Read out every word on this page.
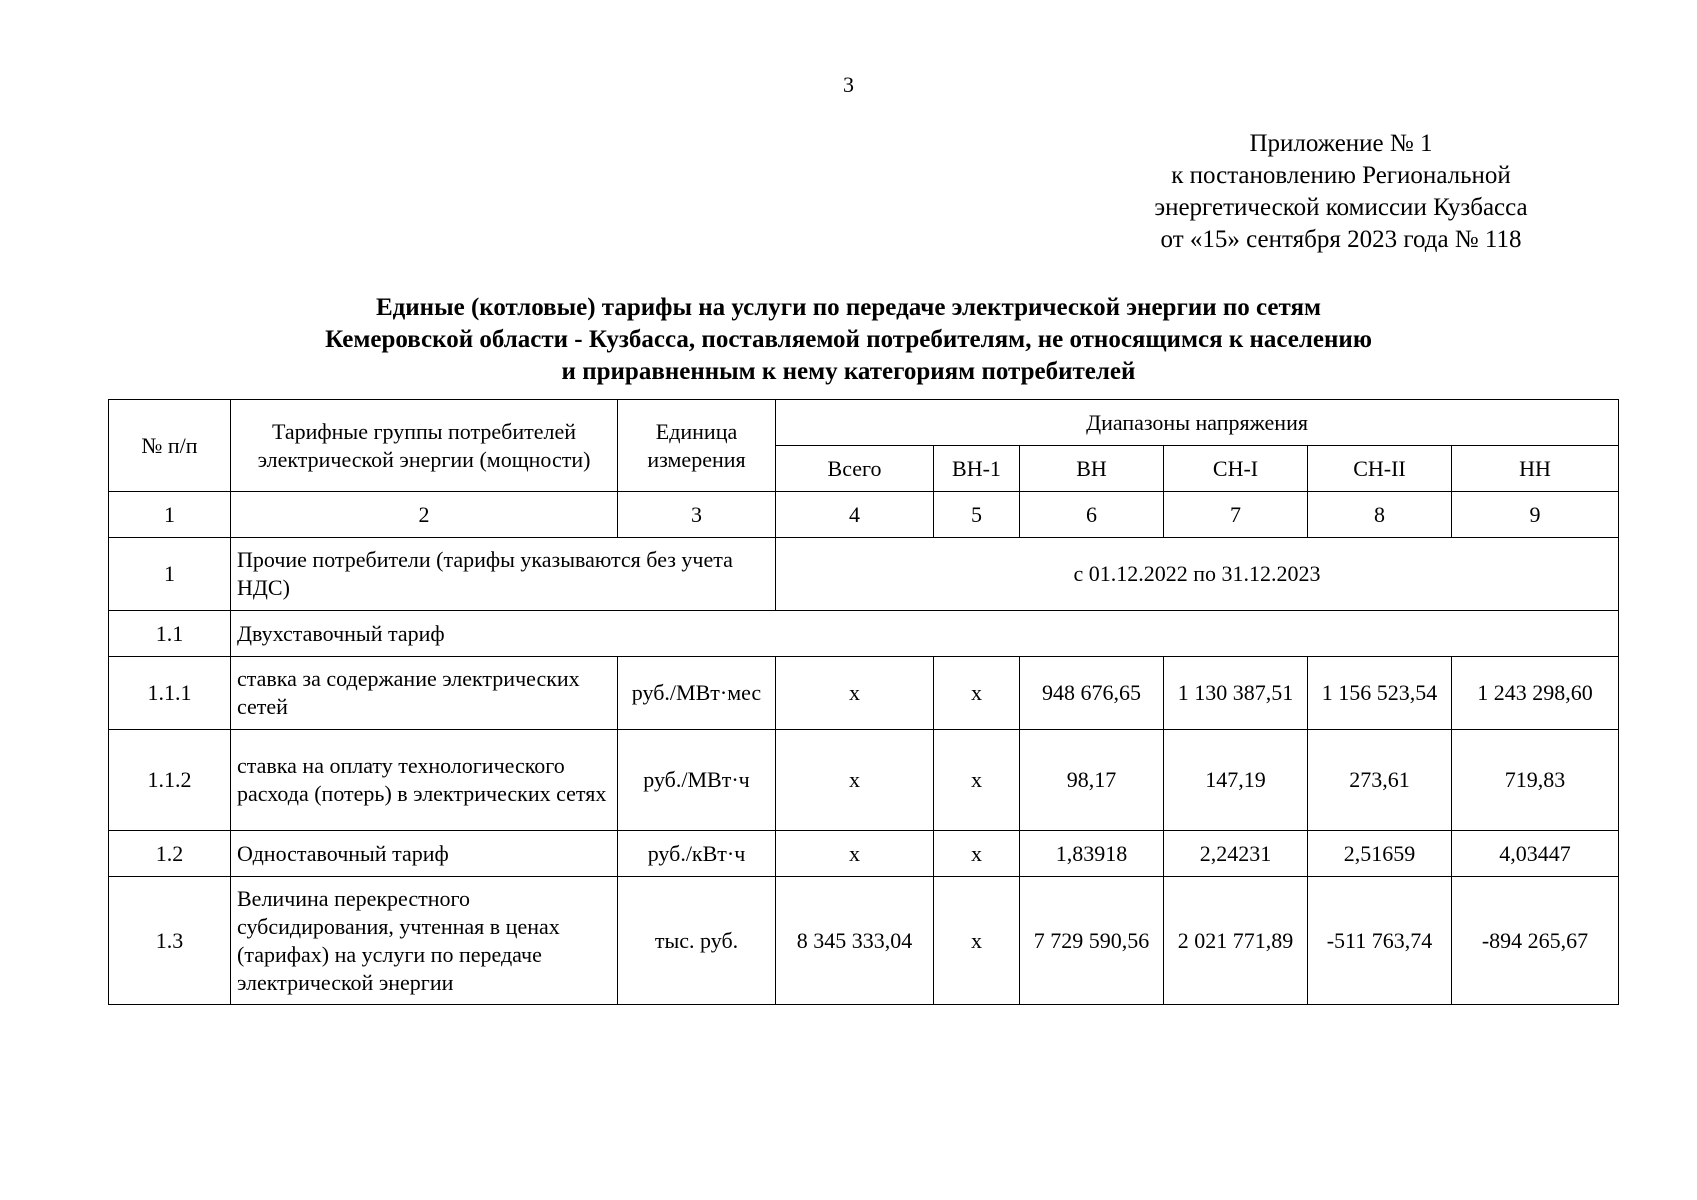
3
Приложение № 1
к постановлению Региональной
энергетической комиссии Кузбасса
от «15» сентября 2023 года № 118
Единые (котловые) тарифы на услуги по передаче электрической энергии по сетям
Кемеровской области - Кузбасса, поставляемой потребителям, не относящимся к населению
и приравненным к нему категориям потребителей
№ п/п	Тарифные группы потребителей электрической энергии (мощности)	Единица измерения	Диапазоны напряжения					
			Всего	ВН-1	ВН	СН-I	СН-II	НН
1	2	3	4	5	6	7	8	9
1	Прочие потребители (тарифы указываются без учета НДС)		с 01.12.2022 по 31.12.2023					
1.1	Двухставочный тариф							
1.1.1	ставка за содержание электрических сетей	руб./МВт·мес	x	x	948 676,65	1 130 387,51	1 156 523,54	1 243 298,60
1.1.2	ставка на оплату технологического расхода (потерь) в электрических сетях	руб./МВт·ч	x	x	98,17	147,19	273,61	719,83
1.2	Одноставочный тариф	руб./кВт·ч	x	x	1,83918	2,24231	2,51659	4,03447
1.3	Величина перекрестного субсидирования, учтенная в ценах (тарифах) на услуги по передаче электрической энергии	тыс. руб.	8 345 333,04	x	7 729 590,56	2 021 771,89	-511 763,74	-894 265,67
